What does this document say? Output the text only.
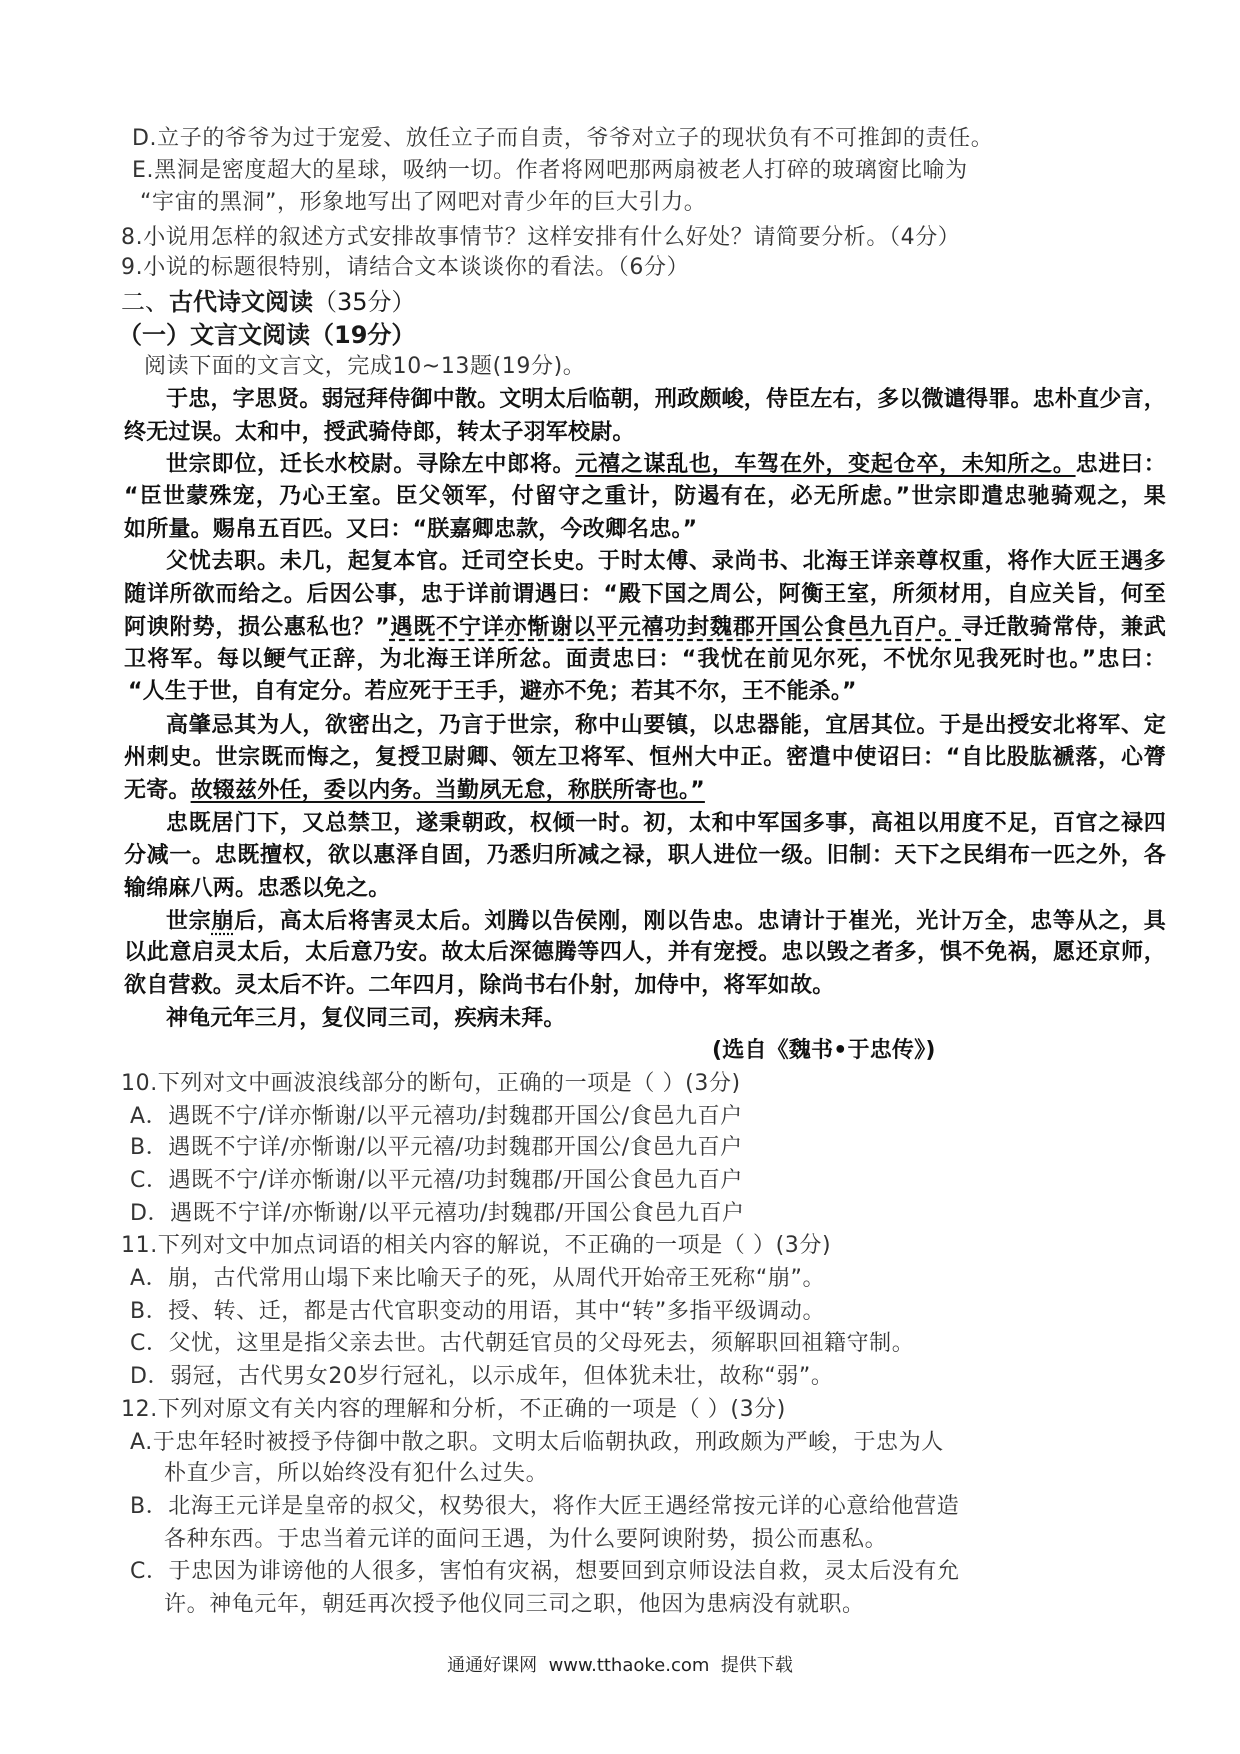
D.立子的爷爷为过于宠爱、放任立子而自责，爷爷对立子的现状负有不可推卸的责任。
E.黑洞是密度超大的星球，吸纳一切。作者将网吧那两扇被老人打碎的玻璃窗比喻为
“宇宙的黑洞”，形象地写出了网吧对青少年的巨大引力。
8.小说用怎样的叙述方式安排故事情节？这样安排有什么好处？请简要分析。（4分）
9.小说的标题很特别，请结合文本谈谈你的看法。（6分）
二、古代诗文阅读（35分）
（一）文言文阅读（19分）
阅读下面的文言文，完成10~13题(19分)。
于忠，字思贤。弱冠拜侍御中散。文明太后临朝，刑政颇峻，侍臣左右，多以微谴得罪。忠朴直少言，
终无过误。太和中，授武骑侍郎，转太子羽军校尉。
世宗即位，迁长水校尉。寻除左中郎将。元禧之谋乱也，车驾在外，变起仓卒，未知所之。忠进曰：
“臣世蒙殊宠，乃心王室。臣父领军，付留守之重计，防遏有在，必无所虑。”世宗即遣忠驰骑观之，果
如所量。赐帛五百匹。又曰：“朕嘉卿忠款，今改卿名忠。”
父忧去职。未几，起复本官。迁司空长史。于时太傅、录尚书、北海王详亲尊权重，将作大匠王遇多
随详所欲而给之。后因公事，忠于详前谓遇曰：“殿下国之周公，阿衡王室，所须材用，自应关旨，何至
阿谀附势，损公惠私也？”遇既不宁详亦惭谢以平元禧功封魏郡开国公食邑九百户。寻迁散骑常侍，兼武
卫将军。每以鲠气正辞，为北海王详所忿。面责忠曰：“我忧在前见尔死，不忧尔见我死时也。”忠曰：
“人生于世，自有定分。若应死于王手，避亦不免；若其不尔，王不能杀。”
高肇忌其为人，欲密出之，乃言于世宗，称中山要镇，以忠器能，宜居其位。于是出授安北将军、定
州刺史。世宗既而悔之，复授卫尉卿、领左卫将军、恒州大中正。密遣中使诏曰：“自比股肱褫落，心膂
无寄。故辍兹外任，委以内务。当勤夙无怠，称朕所寄也。”
忠既居门下，又总禁卫，遂秉朝政，权倾一时。初，太和中军国多事，高祖以用度不足，百官之禄四
分减一。忠既擅权，欲以惠泽自固，乃悉归所减之禄，职人进位一级。旧制：天下之民绢布一匹之外，各
输绵麻八两。忠悉以免之。
世宗崩后，高太后将害灵太后。刘腾以告侯刚，刚以告忠。忠请计于崔光，光计万全，忠等从之，具
以此意启灵太后，太后意乃安。故太后深德腾等四人，并有宠授。忠以毁之者多，惧不免祸，愿还京师，
欲自营救。灵太后不许。二年四月，除尚书右仆射，加侍中，将军如故。
神龟元年三月，复仪同三司，疾病未拜。
(选自《魏书•于忠传》)
10.下列对文中画波浪线部分的断句，正确的一项是（ ）(3分)
A．遇既不宁/详亦惭谢/以平元禧功/封魏郡开国公/食邑九百户
B．遇既不宁详/亦惭谢/以平元禧/功封魏郡开国公/食邑九百户
C．遇既不宁/详亦惭谢/以平元禧/功封魏郡/开国公食邑九百户
D．遇既不宁详/亦惭谢/以平元禧功/封魏郡/开国公食邑九百户
11.下列对文中加点词语的相关内容的解说，不正确的一项是（ ）(3分)
A．崩，古代常用山塌下来比喻天子的死，从周代开始帝王死称“崩”。
B．授、转、迁，都是古代官职变动的用语，其中“转”多指平级调动。
C．父忧，这里是指父亲去世。古代朝廷官员的父母死去，须解职回祖籍守制。
D．弱冠，古代男女20岁行冠礼，以示成年，但体犹未壮，故称“弱”。
12.下列对原文有关内容的理解和分析，不正确的一项是（ ）(3分)
A.于忠年轻时被授予侍御中散之职。文明太后临朝执政，刑政颇为严峻，于忠为人
朴直少言，所以始终没有犯什么过失。
B．北海王元详是皇帝的叔父，权势很大，将作大匠王遇经常按元详的心意给他营造
各种东西。于忠当着元详的面问王遇，为什么要阿谀附势，损公而惠私。
C．于忠因为诽谤他的人很多，害怕有灾祸，想要回到京师设法自救，灵太后没有允
许。神龟元年，朝廷再次授予他仪同三司之职，他因为患病没有就职。
通通好课网  www.tthaoke.com  提供下载
